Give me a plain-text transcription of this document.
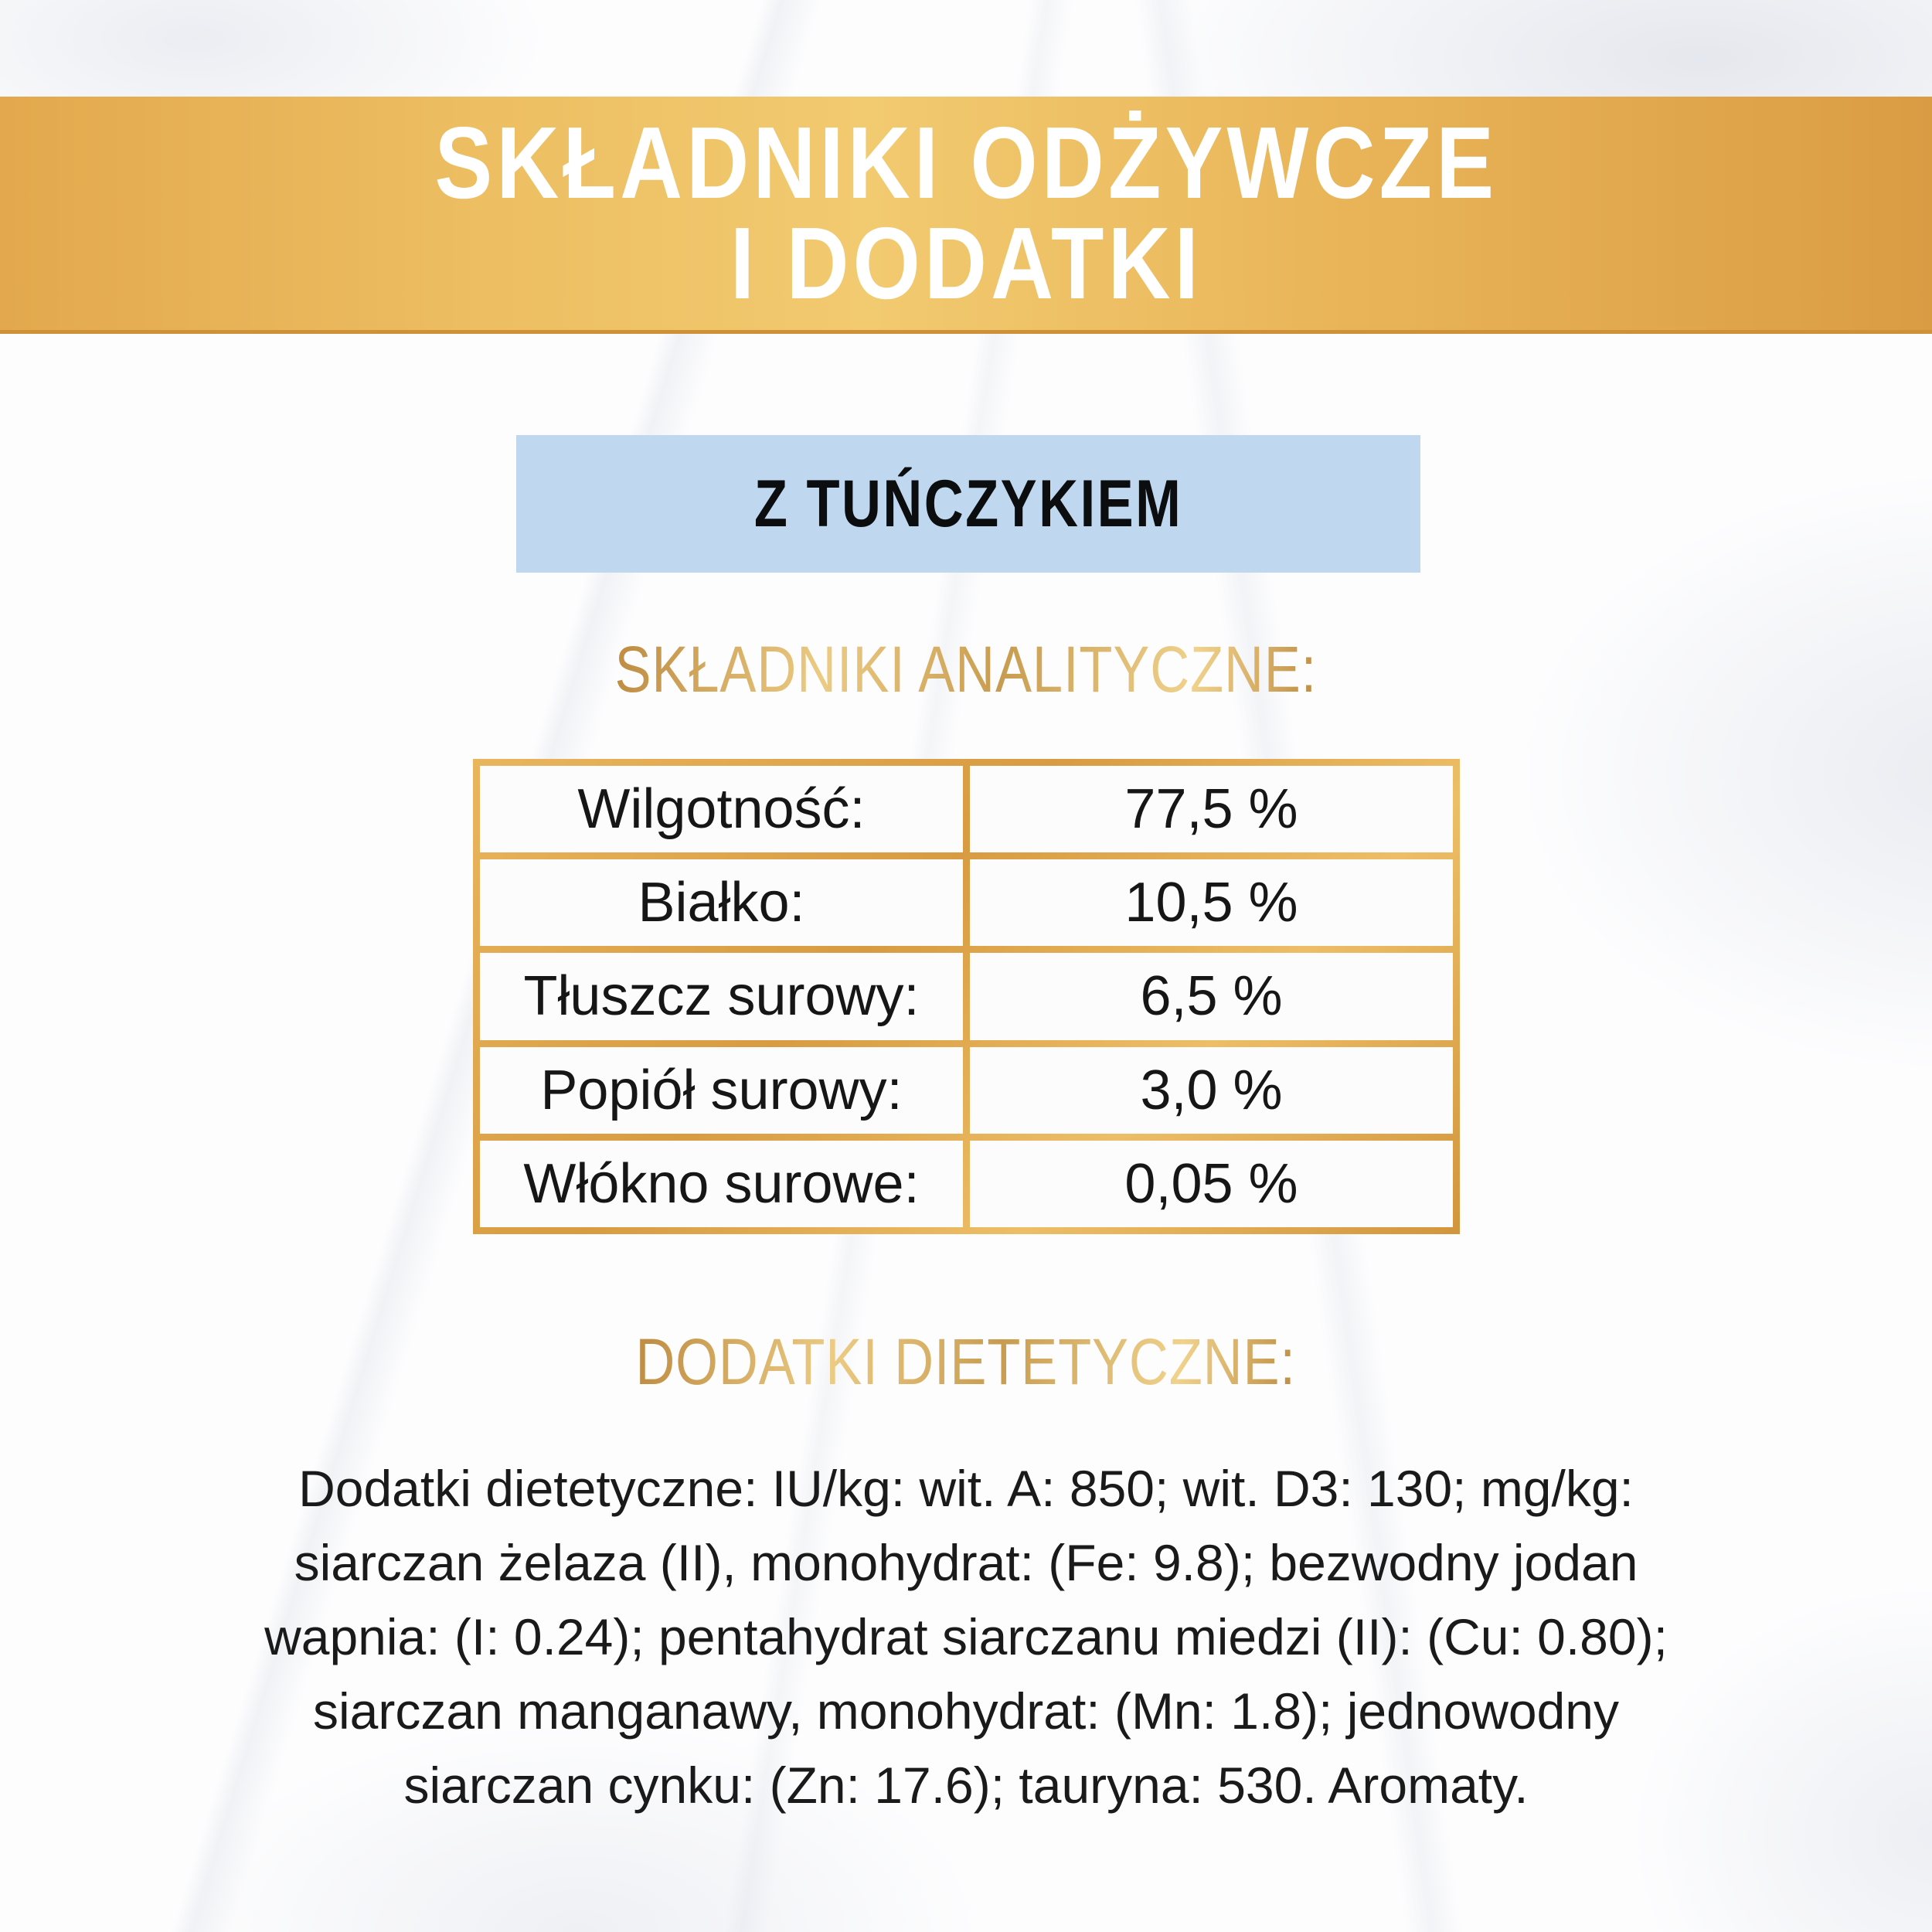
SKŁADNIKI ODŻYWCZE
I DODATKI
Z TUŃCZYKIEM
SKŁADNIKI ANALITYCZNE:
Wilgotność:	77,5 %
Białko:	10,5 %
Tłuszcz surowy:	6,5 %
Popiół surowy:	3,0 %
Włókno surowe:	0,05 %
DODATKI DIETETYCZNE:
Dodatki dietetyczne: IU/kg: wit. A: 850; wit. D3: 130; mg/kg:
siarczan żelaza (II), monohydrat: (Fe: 9.8); bezwodny jodan
wapnia: (I: 0.24); pentahydrat siarczanu miedzi (II): (Cu: 0.80);
siarczan manganawy, monohydrat: (Mn: 1.8); jednowodny
siarczan cynku: (Zn: 17.6); tauryna: 530. Aromaty.
